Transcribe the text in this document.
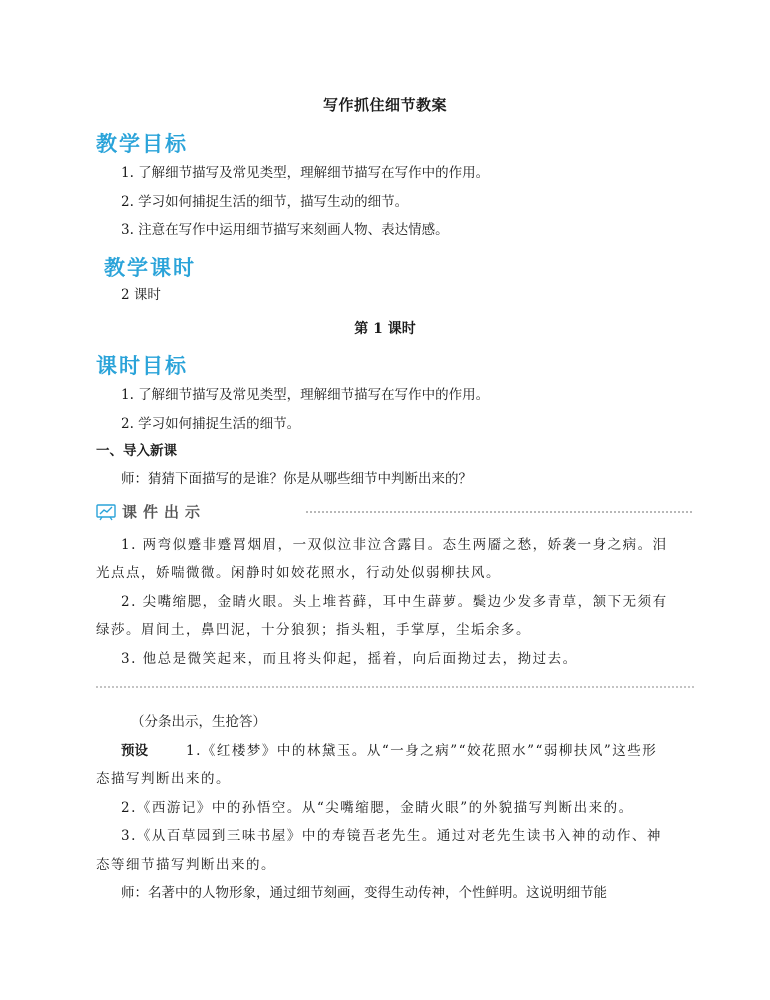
写作抓住细节教案
教学目标
1. 了解细节描写及常见类型，理解细节描写在写作中的作用。
2. 学习如何捕捉生活的细节，描写生动的细节。
3. 注意在写作中运用细节描写来刻画人物、表达情感。
教学课时
2 课时
第 1 课时
课时目标
1. 了解细节描写及常见类型，理解细节描写在写作中的作用。
2. 学习如何捕捉生活的细节。
一、导入新课
师：猜猜下面描写的是谁？你是从哪些细节中判断出来的？
课件出示
1. 两弯似蹙非蹙罥烟眉，一双似泣非泣含露目。态生两靥之愁，娇袭一身之病。泪
光点点，娇喘微微。闲静时如姣花照水，行动处似弱柳扶风。
2. 尖嘴缩腮，金睛火眼。头上堆苔藓，耳中生薜萝。鬓边少发多青草，颔下无须有
绿莎。眉间土，鼻凹泥，十分狼狈；指头粗，手掌厚，尘垢余多。
3. 他总是微笑起来，而且将头仰起，摇着，向后面拗过去，拗过去。
（分条出示，生抢答）
预设	1.《红楼梦》中的林黛玉。从“一身之病”“姣花照水”“弱柳扶风”这些形
态描写判断出来的。
2.《西游记》中的孙悟空。从“尖嘴缩腮，金睛火眼”的外貌描写判断出来的。
3.《从百草园到三味书屋》中的寿镜吾老先生。通过对老先生读书入神的动作、神
态等细节描写判断出来的。
师：名著中的人物形象，通过细节刻画，变得生动传神，个性鲜明。这说明细节能
